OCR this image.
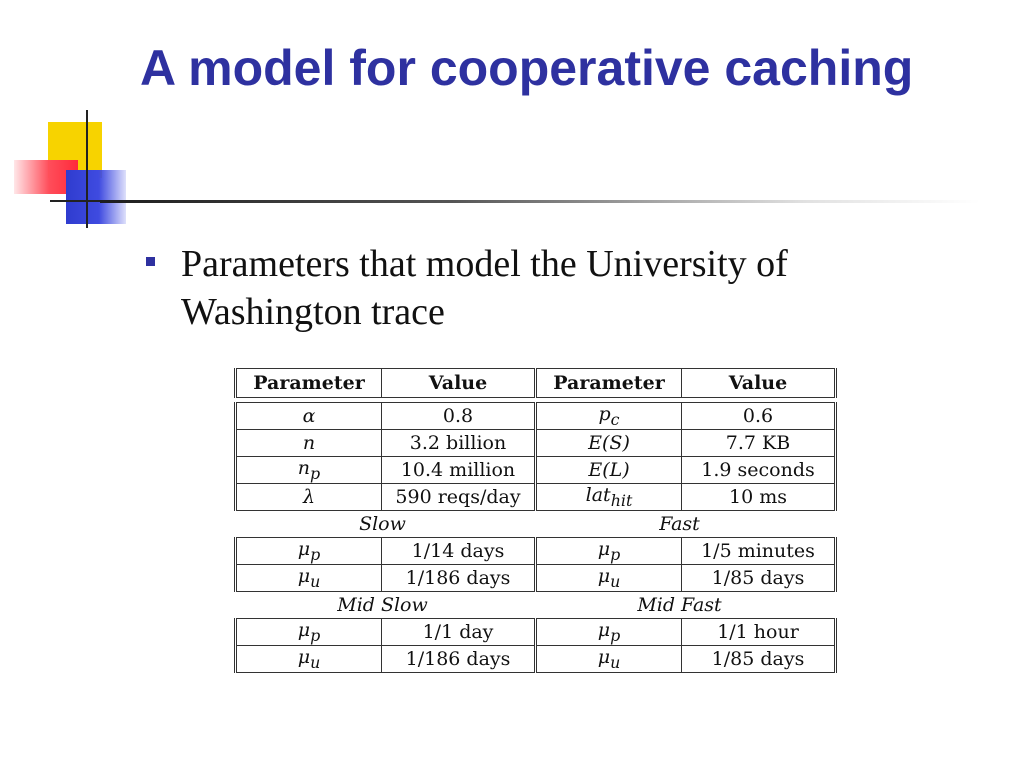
A model for cooperative caching
Parameters that model the University of Washington trace
Parameter	Value	Parameter	Value
α	0.8	$p_c$	0.6
n	3.2 billion	E(S)	7.7 KB
$n_p$	10.4 million	E(L)	1.9 seconds
λ	590 reqs/day	lat$_{hit}$	10 ms
Slow	Fast
$\mu_p$	1/14 days	$\mu_p$	1/5 minutes
$\mu_u$	1/186 days	$\mu_u$	1/85 days
Mid Slow	Mid Fast
$\mu_p$	1/1 day	$\mu_p$	1/1 hour
$\mu_u$	1/186 days	$\mu_u$	1/85 days
